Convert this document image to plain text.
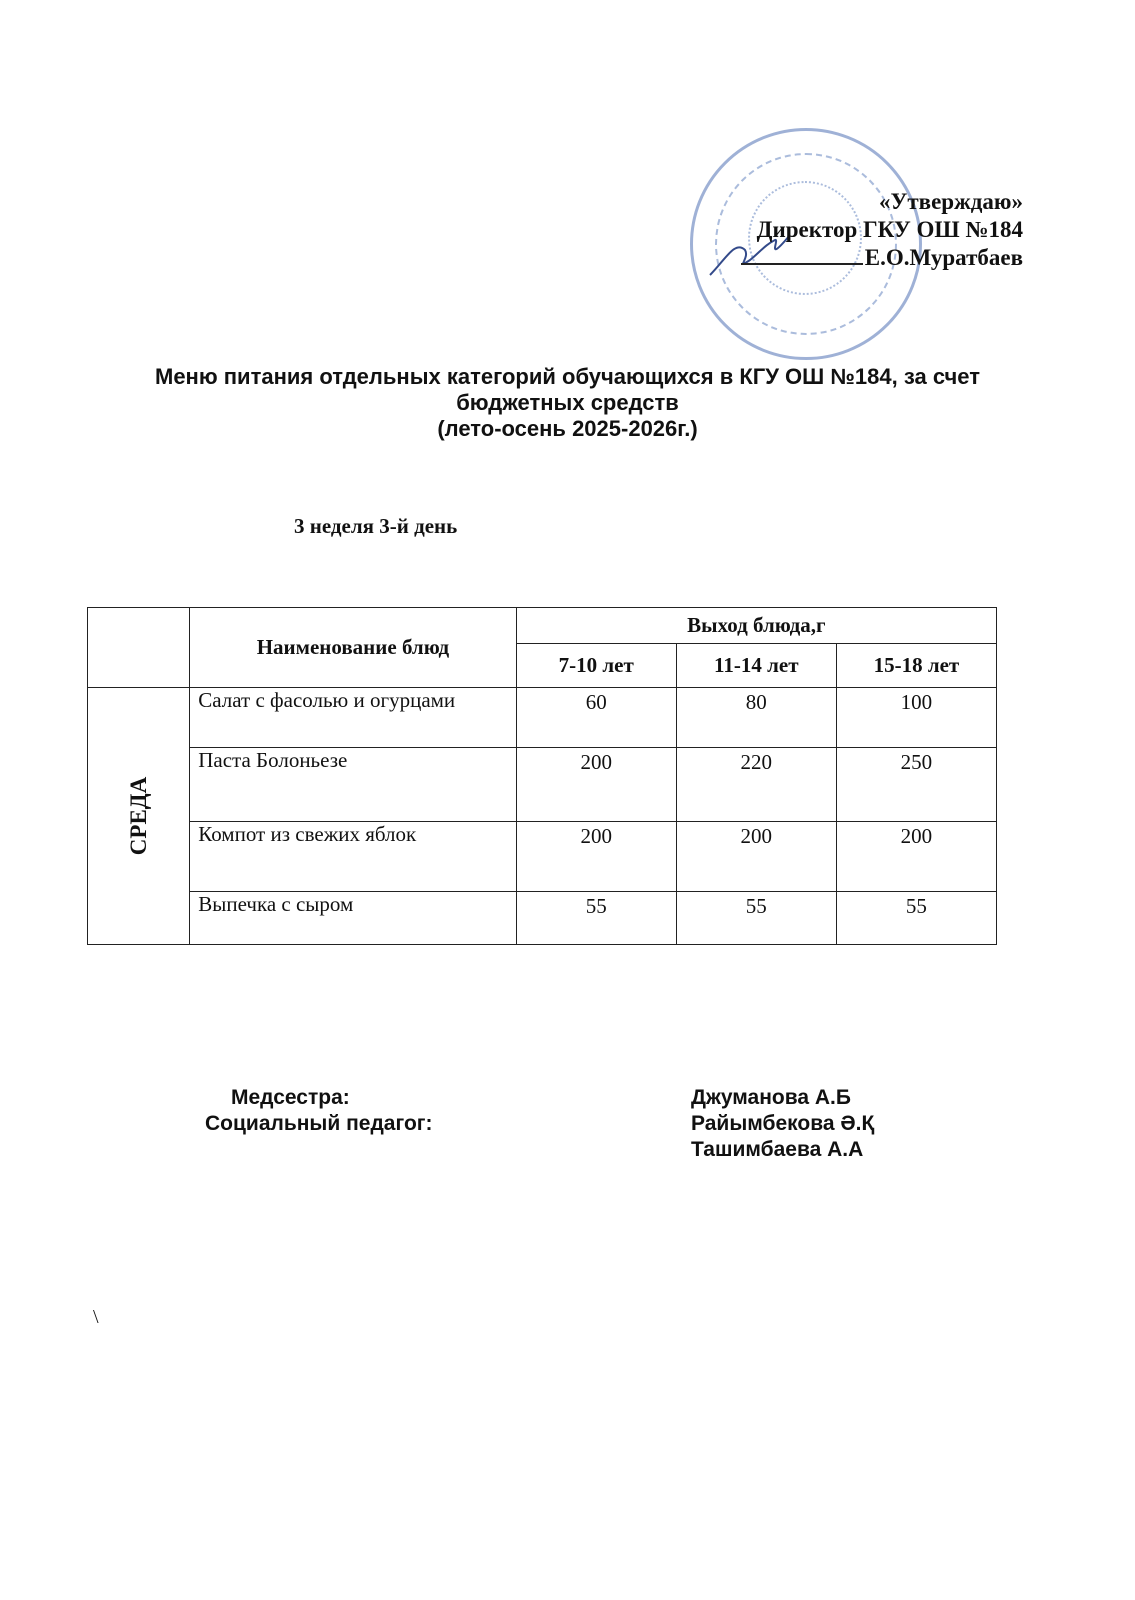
«Утверждаю»
Директор ГКУ ОШ №184
Е.О.Муратбаев
Меню питания отдельных категорий обучающихся в КГУ ОШ №184, за счет
бюджетных средств
(лето-осень 2025-2026г.)
3 неделя 3-й день
	Наименование блюд	Выход блюда,г		
		7-10 лет	11-14 лет	15-18 лет

СРЕДА	Салат с фасолью и огурцами	60	80	100
	Паста Болоньезе	200	220	250
	Компот из свежих яблок	200	200	200
	Выпечка с сыром	55	55	55
Медсестра:
Социальный педагог:
Джуманова А.Б
Райымбекова Ә.Қ
Ташимбаева А.А
\
